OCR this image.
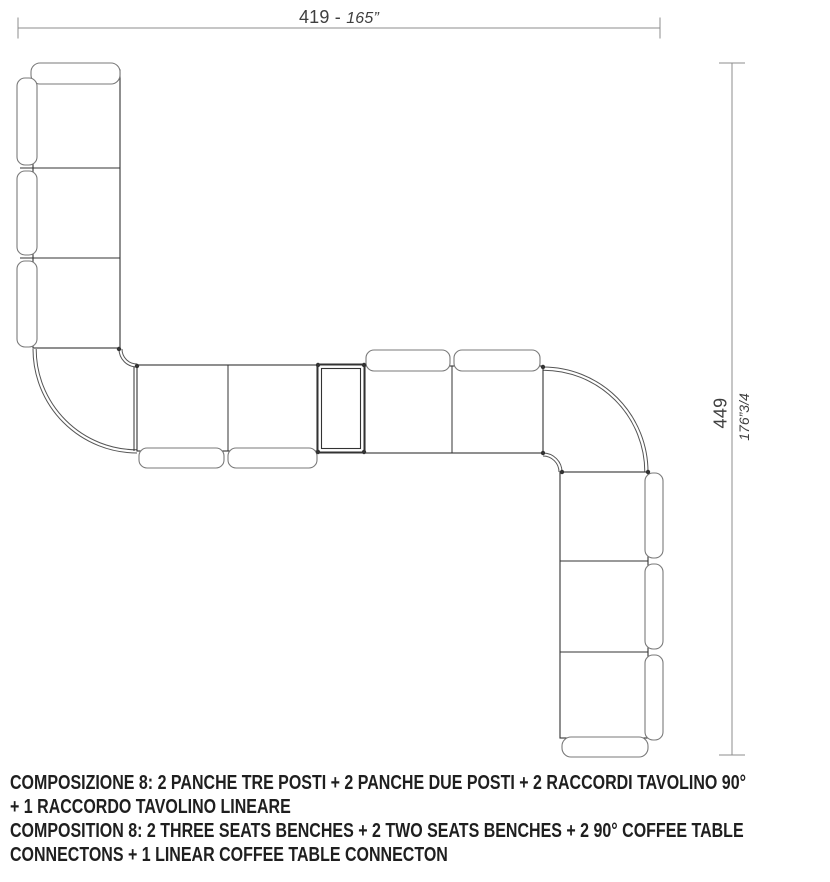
419 - 165”
449 176”3/4
COMPOSIZIONE 8: 2 PANCHE TRE POSTI + 2 PANCHE DUE POSTI + 2 RACCORDI TAVOLINO 90°
+ 1 RACCORDO TAVOLINO LINEARE
COMPOSITION 8: 2 THREE SEATS BENCHES + 2 TWO SEATS BENCHES + 2 90° COFFEE TABLE
CONNECTONS + 1 LINEAR COFFEE TABLE CONNECTON
